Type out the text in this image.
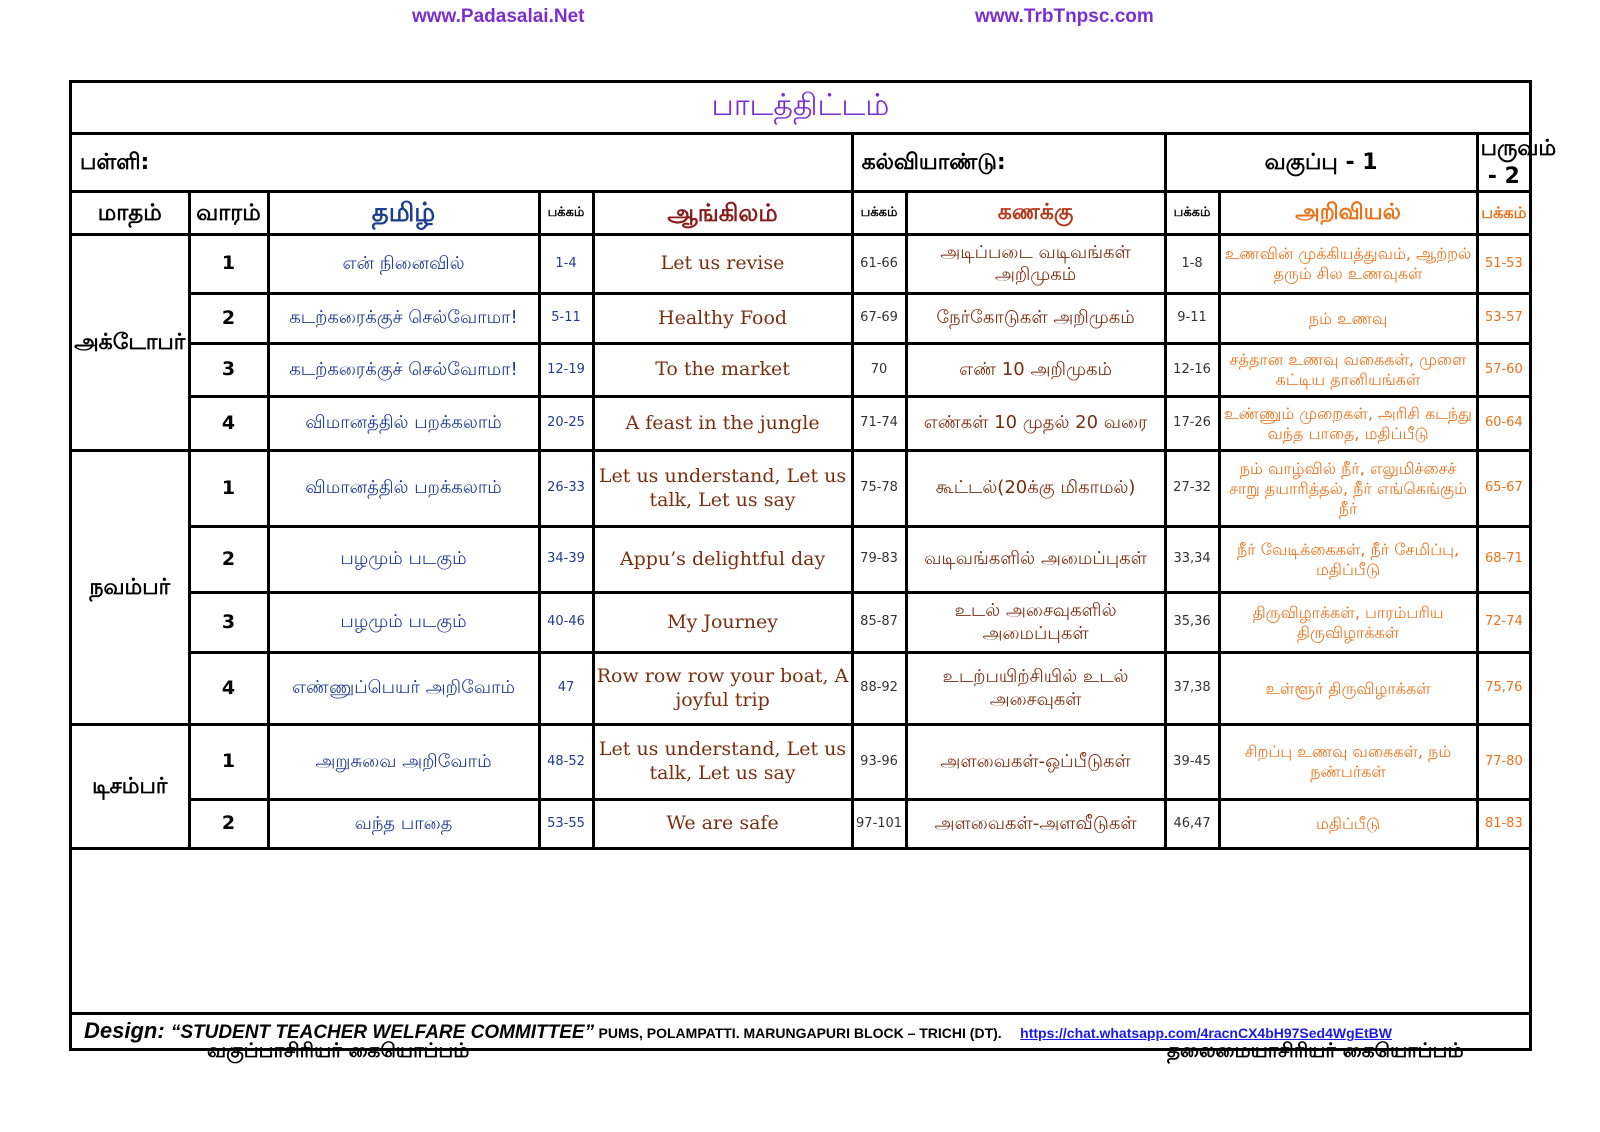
www.Padasalai.Net	www.TrbTnpsc.com
பாடத்திட்டம்
பள்ளி:					கல்வியாண்டு:		வகுப்பு - 1		பருவம் - 2
மாதம்	வாரம்	தமிழ்	பக்கம்	ஆங்கிலம்	பக்கம்	கணக்கு	பக்கம்	அறிவியல்	பக்கம்
அக்டோபர்	1	என் நினைவில்	1-4	Let us revise	61-66	அடிப்படை வடிவங்கள் அறிமுகம்	1-8	உணவின் முக்கியத்துவம், ஆற்றல் தரும் சில உணவுகள்	51-53
	2	கடற்கரைக்குச் செல்வோமா!	5-11	Healthy Food	67-69	நேர்கோடுகள் அறிமுகம்	9-11	நம் உணவு	53-57
	3	கடற்கரைக்குச் செல்வோமா!	12-19	To the market	70	எண் 10 அறிமுகம்	12-16	சத்தான உணவு வகைகள், முளை கட்டிய தானியங்கள்	57-60
	4	விமானத்தில் பறக்கலாம்	20-25	A feast in the jungle	71-74	எண்கள் 10 முதல் 20 வரை	17-26	உண்ணும் முறைகள், அரிசி கடந்து வந்த பாதை, மதிப்பீடு	60-64
நவம்பர்	1	விமானத்தில் பறக்கலாம்	26-33	Let us understand, Let us talk, Let us say	75-78	கூட்டல்(20க்கு மிகாமல்)	27-32	நம் வாழ்வில் நீர், எலுமிச்சைச் சாறு தயாரித்தல், நீர் எங்கெங்கும் நீர்	65-67
	2	பழமும் படகும்	34-39	Appu’s delightful day	79-83	வடிவங்களில் அமைப்புகள்	33,34	நீர் வேடிக்கைகள், நீர் சேமிப்பு, மதிப்பீடு	68-71
	3	பழமும் படகும்	40-46	My Journey	85-87	உடல் அசைவுகளில் அமைப்புகள்	35,36	திருவிழாக்கள், பாரம்பரிய திருவிழாக்கள்	72-74
	4	எண்ணுப்பெயர் அறிவோம்	47	Row row row your boat, A joyful trip	88-92	உடற்பயிற்சியில் உடல் அசைவுகள்	37,38	உள்ளூர் திருவிழாக்கள்	75,76
டிசம்பர்	1	அறுசுவை அறிவோம்	48-52	Let us understand, Let us talk, Let us say	93-96	அளவைகள்-ஒப்பீடுகள்	39-45	சிறப்பு உணவு வகைகள், நம் நண்பர்கள்	77-80
	2	வந்த பாதை	53-55	We are safe	97-101	அளவைகள்-அளவீடுகள்	46,47	மதிப்பீடு	81-83
வகுப்பாசிரியர் கையொப்பம்	தலைமையாசிரியர் கையொப்பம்
Design: “STUDENT TEACHER WELFARE COMMITTEE” PUMS, POLAMPATTI. MARUNGAPURI BLOCK – TRICHI (DT). https://chat.whatsapp.com/4racnCX4bH97Sed4WgEtBW
